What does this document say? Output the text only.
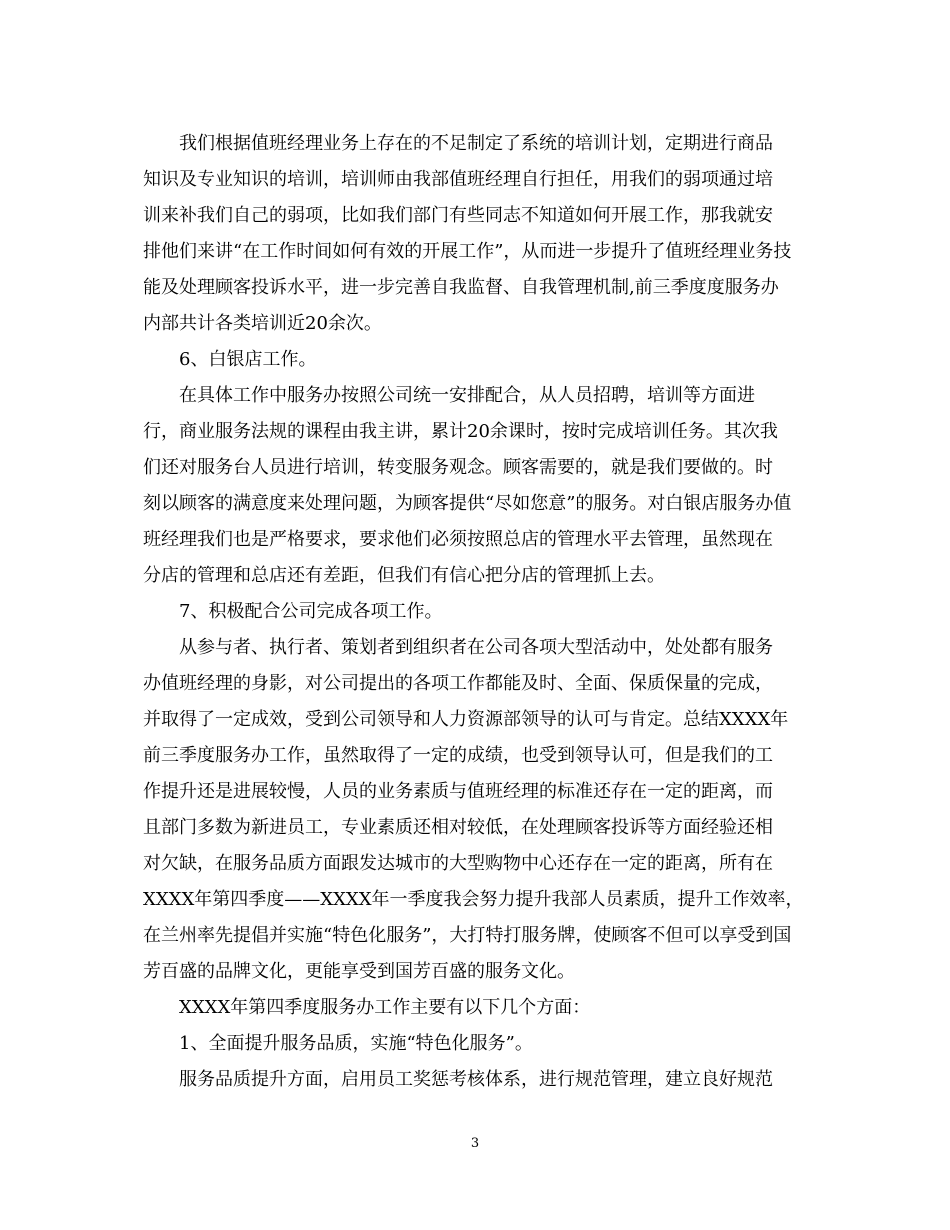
我们根据值班经理业务上存在的不足制定了系统的培训计划，定期进行商品
知识及专业知识的培训，培训师由我部值班经理自行担任，用我们的弱项通过培
训来补我们自己的弱项，比如我们部门有些同志不知道如何开展工作，那我就安
排他们来讲“在工作时间如何有效的开展工作”，从而进一步提升了值班经理业务技
能及处理顾客投诉水平，进一步完善自我监督、自我管理机制,前三季度度服务办
内部共计各类培训近20余次。
6、白银店工作。
在具体工作中服务办按照公司统一安排配合，从人员招聘，培训等方面进
行，商业服务法规的课程由我主讲，累计20余课时，按时完成培训任务。其次我
们还对服务台人员进行培训，转变服务观念。顾客需要的，就是我们要做的。时
刻以顾客的满意度来处理问题，为顾客提供“尽如您意”的服务。对白银店服务办值
班经理我们也是严格要求，要求他们必须按照总店的管理水平去管理，虽然现在
分店的管理和总店还有差距，但我们有信心把分店的管理抓上去。
7、积极配合公司完成各项工作。
从参与者、执行者、策划者到组织者在公司各项大型活动中，处处都有服务
办值班经理的身影，对公司提出的各项工作都能及时、全面、保质保量的完成，
并取得了一定成效，受到公司领导和人力资源部领导的认可与肯定。总结XXXX年
前三季度服务办工作，虽然取得了一定的成绩，也受到领导认可，但是我们的工
作提升还是进展较慢，人员的业务素质与值班经理的标准还存在一定的距离，而
且部门多数为新进员工，专业素质还相对较低，在处理顾客投诉等方面经验还相
对欠缺，在服务品质方面跟发达城市的大型购物中心还存在一定的距离，所有在
XXXX年第四季度——XXXX年一季度我会努力提升我部人员素质，提升工作效率，
在兰州率先提倡并实施“特色化服务”，大打特打服务牌，使顾客不但可以享受到国
芳百盛的品牌文化，更能享受到国芳百盛的服务文化。
XXXX年第四季度服务办工作主要有以下几个方面：
1、全面提升服务品质，实施“特色化服务”。
服务品质提升方面，启用员工奖惩考核体系，进行规范管理，建立良好规范
3
